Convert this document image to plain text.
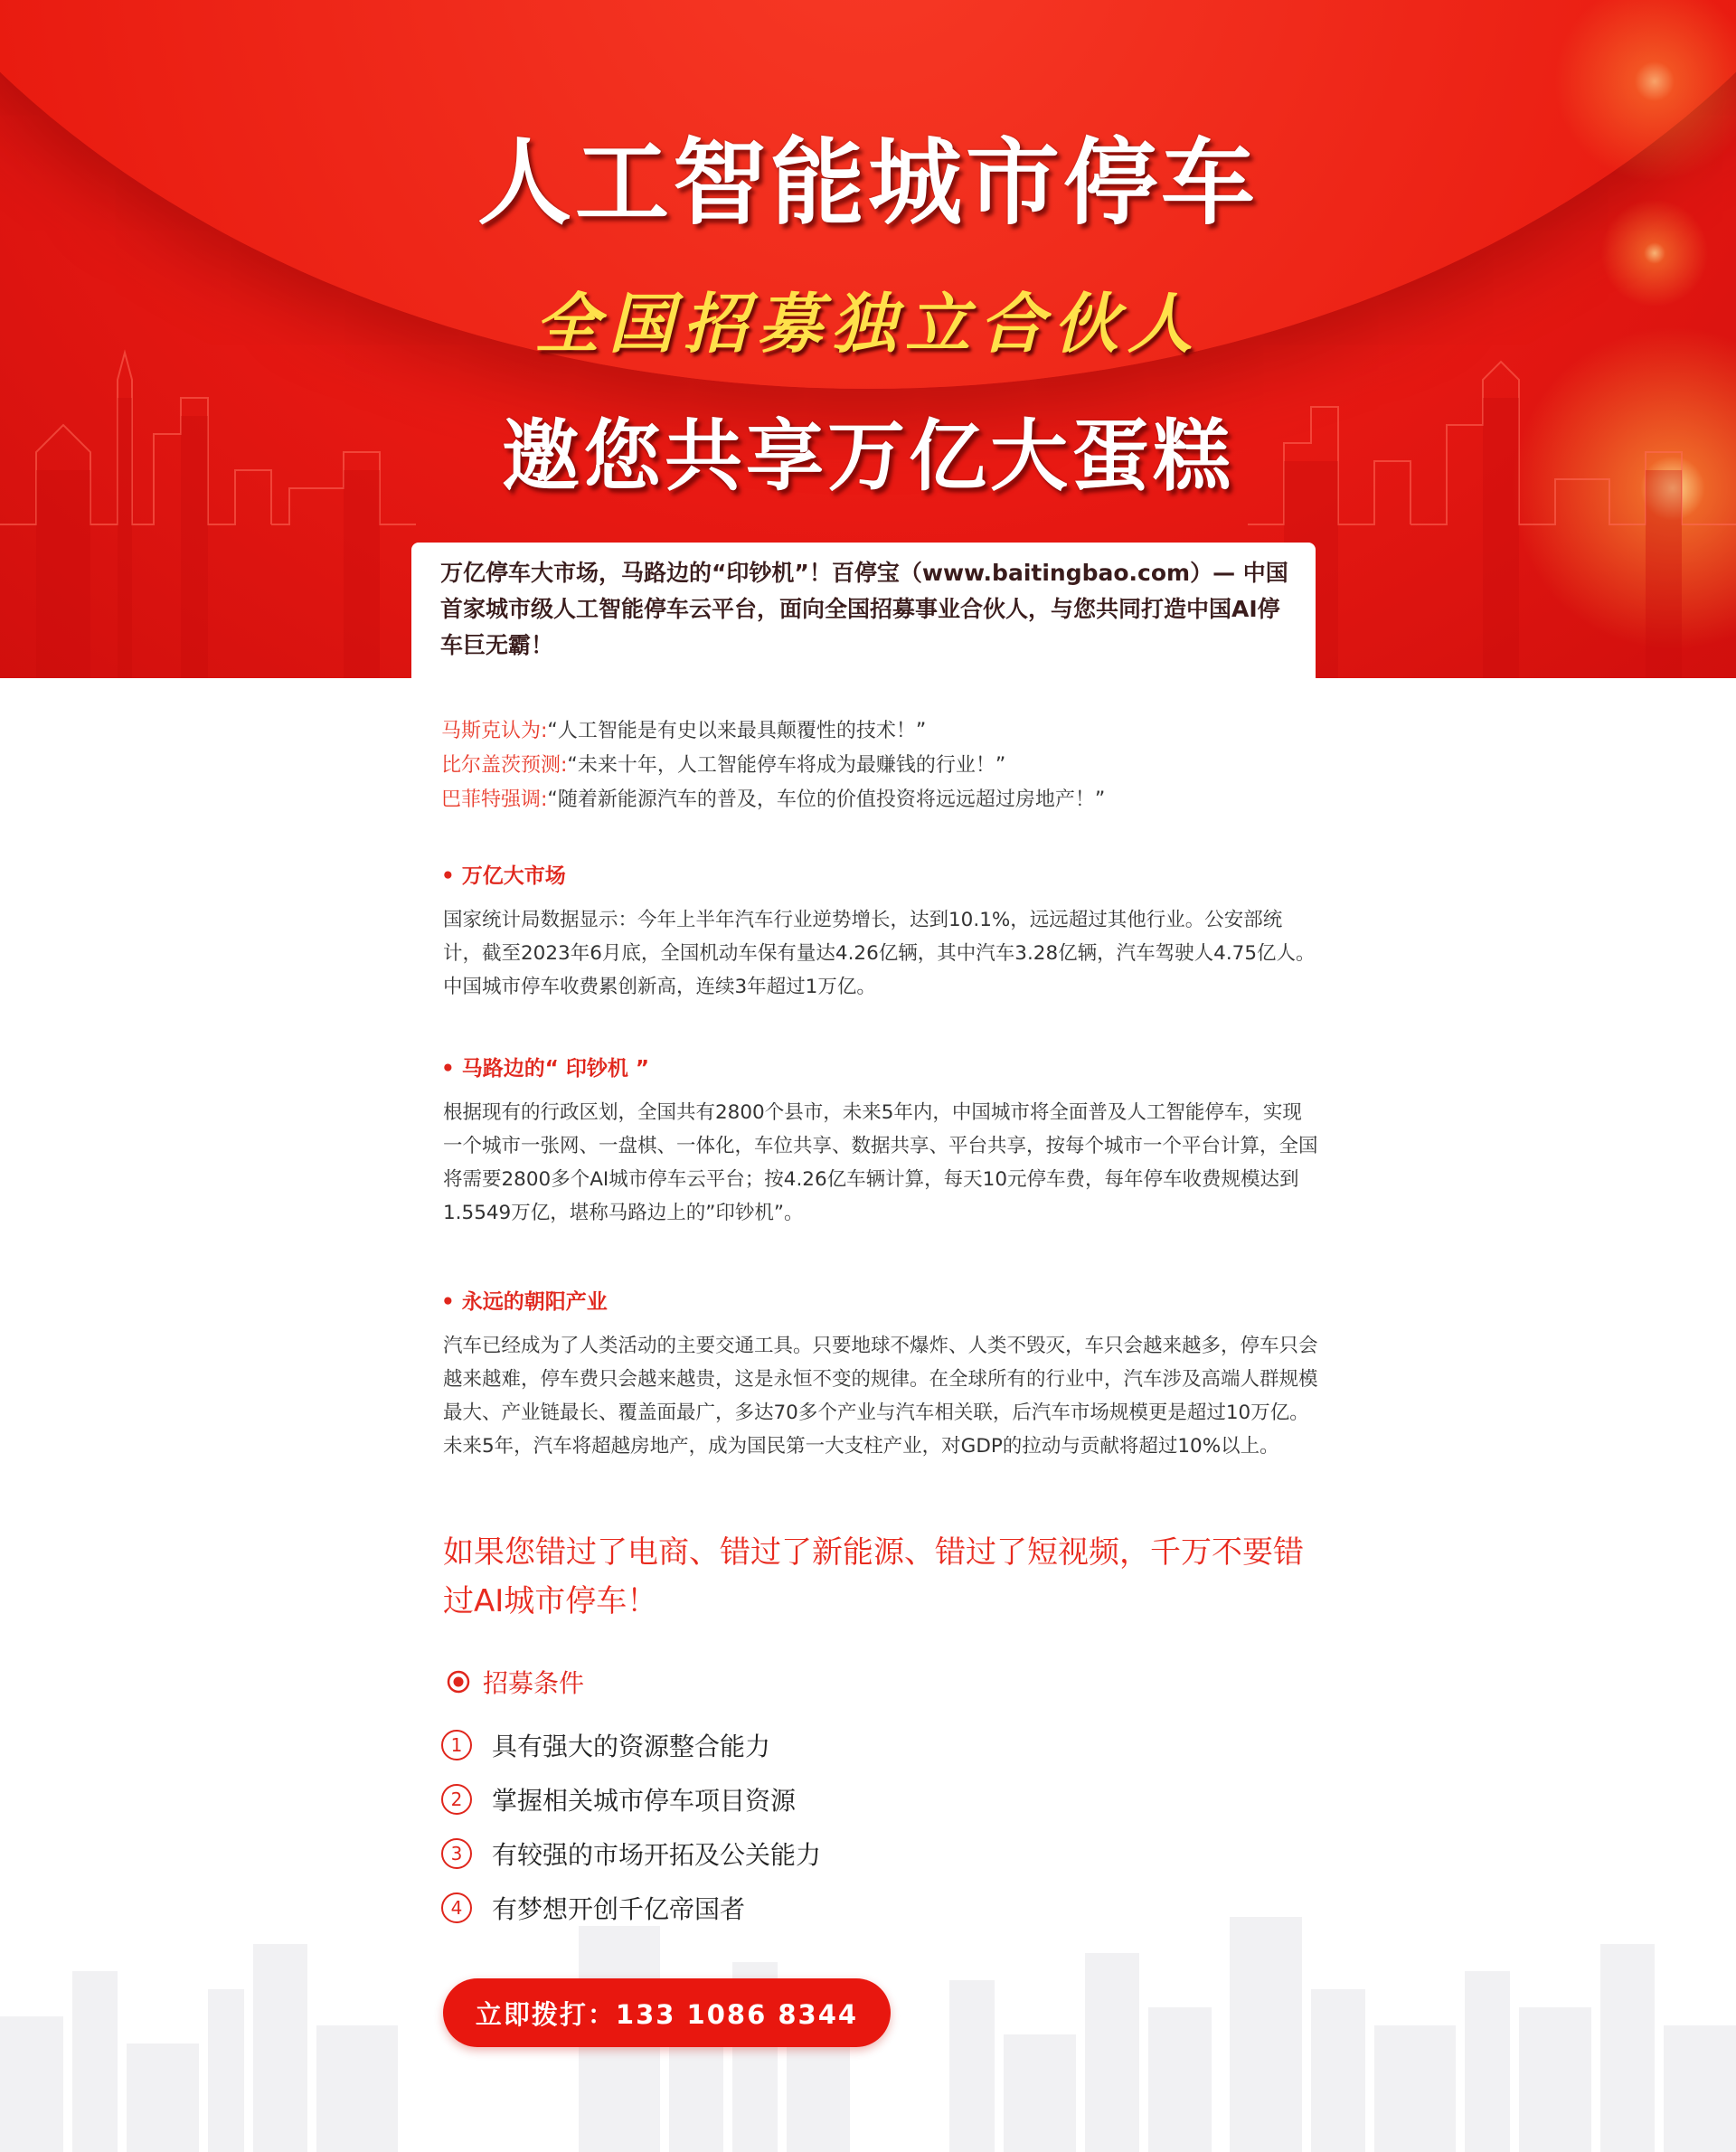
人工智能城市停车
全国招募独立合伙人
邀您共享万亿大蛋糕

万亿停车大市场，马路边的“印钞机”！百停宝（www.baitingbao.com）— 中国首家城市级人工智能停车云平台，面向全国招募事业合伙人，与您共同打造中国AI停车巨无霸！

马斯克认为:“人工智能是有史以来最具颠覆性的技术！”

比尔盖茨预测:“未来十年，人工智能停车将成为最赚钱的行业！”

巴菲特强调:“随着新能源汽车的普及，车位的价值投资将远远超过房地产！”

• 万亿大市场

国家统计局数据显示：今年上半年汽车行业逆势增长，达到10.1%，远远超过其他行业。公安部统计，截至2023年6月底，全国机动车保有量达4.26亿辆，其中汽车3.28亿辆，汽车驾驶人4.75亿人。中国城市停车收费累创新高，连续3年超过1万亿。

• 马路边的“ 印钞机 ”

根据现有的行政区划，全国共有2800个县市，未来5年内，中国城市将全面普及人工智能停车，实现一个城市一张网、一盘棋、一体化，车位共享、数据共享、平台共享，按每个城市一个平台计算，全国将需要2800多个AI城市停车云平台；按4.26亿车辆计算，每天10元停车费，每年停车收费规模达到1.5549万亿，堪称马路边上的”印钞机”。

• 永远的朝阳产业

汽车已经成为了人类活动的主要交通工具。只要地球不爆炸、人类不毁灭，车只会越来越多，停车只会越来越难，停车费只会越来越贵，这是永恒不变的规律。在全球所有的行业中，汽车涉及高端人群规模最大、产业链最长、覆盖面最广，多达70多个产业与汽车相关联，后汽车市场规模更是超过10万亿。未来5年，汽车将超越房地产，成为国民第一大支柱产业，对GDP的拉动与贡献将超过10%以上。

如果您错过了电商、错过了新能源、错过了短视频，千万不要错过AI城市停车！

招募条件
1	具有强大的资源整合能力
2	掌握相关城市停车项目资源
3	有较强的市场开拓及公关能力
4	有梦想开创千亿帝国者
立即拨打：133 1086 8344
